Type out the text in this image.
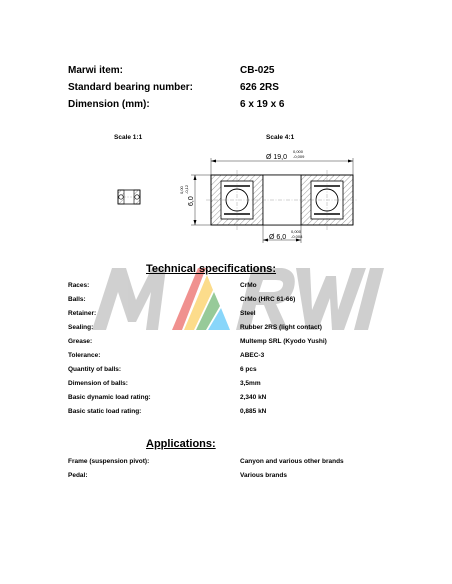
Marwi item:	CB-025
Standard bearing number:	626 2RS
Dimension (mm):	6 x 19 x 6
Scale 1:1	Scale 4:1
Ø 19,0
0,000
-0,009
Ø 6,0
0,000
-0,008
6,0
0,00 -0,12
Technical specifications:
Races:	CrMo
Balls:	CrMo (HRC 61-66)
Retainer:	Steel
Sealing:	Rubber 2RS (light contact)
Grease:	Multemp SRL (Kyodo Yushi)
Tolerance:	ABEC-3
Quantity of balls:	6 pcs
Dimension of balls:	3,5mm
Basic dynamic load rating:	2,340 kN
Basic static load rating:	0,885 kN
Applications:
Frame (suspension pivot):	Canyon and various other brands
Pedal:	Various brands
